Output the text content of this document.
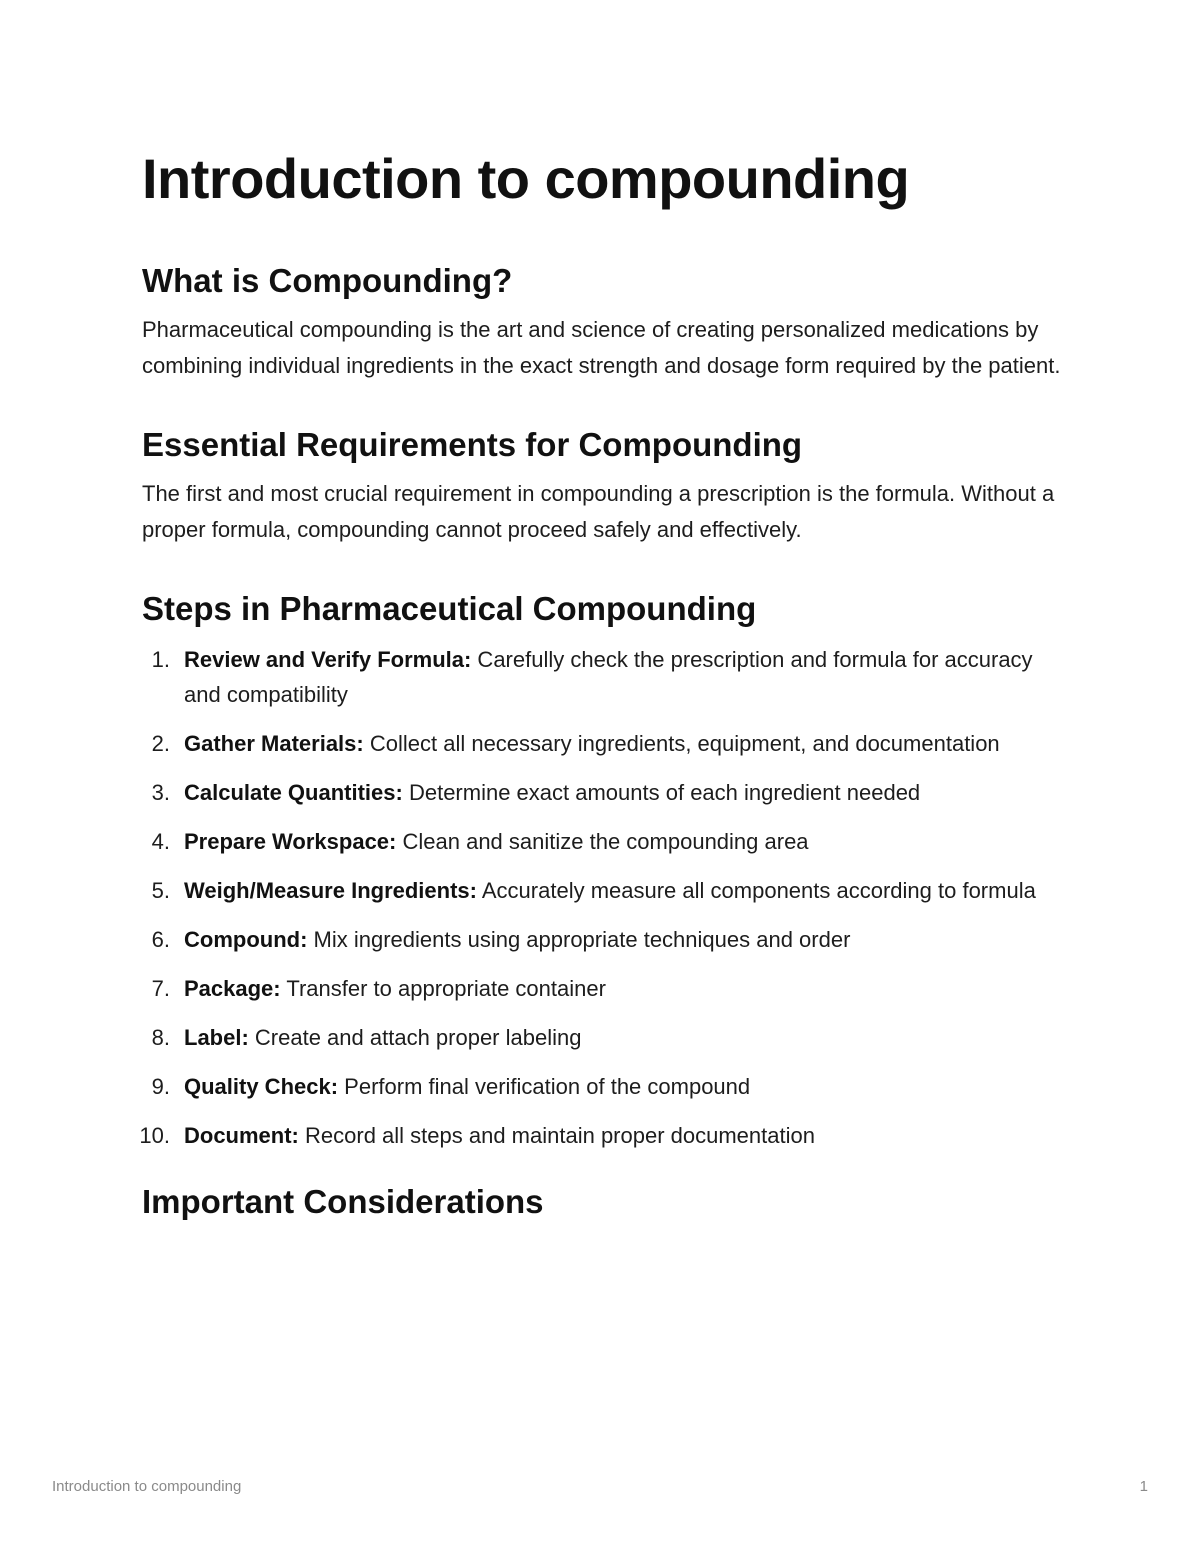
Introduction to compounding
What is Compounding?

Pharmaceutical compounding is the art and science of creating personalized medications by combining individual ingredients in the exact strength and dosage form required by the patient.

Essential Requirements for Compounding

The first and most crucial requirement in compounding a prescription is the formula. Without a proper formula, compounding cannot proceed safely and effectively.

Steps in Pharmaceutical Compounding
1. Review and Verify Formula: Carefully check the prescription and formula for accuracy and compatibility
2. Gather Materials: Collect all necessary ingredients, equipment, and documentation
3. Calculate Quantities: Determine exact amounts of each ingredient needed
4. Prepare Workspace: Clean and sanitize the compounding area
5. Weigh/Measure Ingredients: Accurately measure all components according to formula
6. Compound: Mix ingredients using appropriate techniques and order
7. Package: Transfer to appropriate container
8. Label: Create and attach proper labeling
9. Quality Check: Perform final verification of the compound
10. Document: Record all steps and maintain proper documentation
Important Considerations
Introduction to compounding	1
